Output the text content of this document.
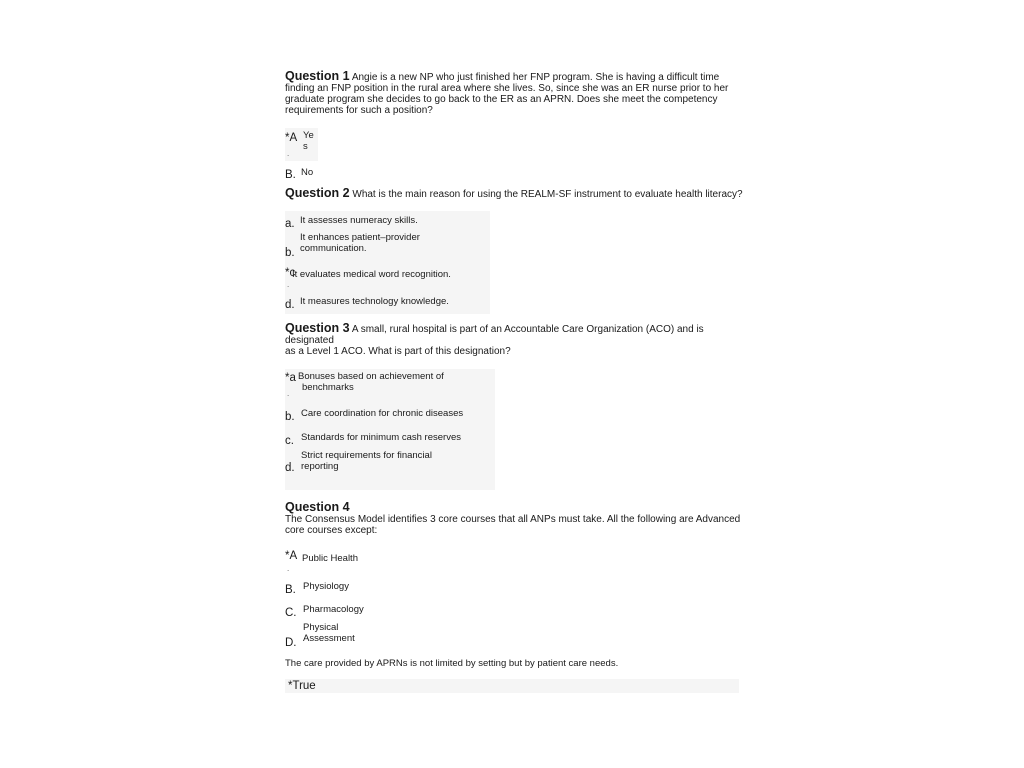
Question 1 Angie is a new NP who just finished her FNP program. She is having a difficult time finding an FNP position in the rural area where she lives. So, since she was an ER nurse prior to her graduate program she decides to go back to the ER as an APRN. Does she meet the competency requirements for such a position?
*A Ye
s
.
B. No
Question 2 What is the main reason for using the REALM-SF instrument to evaluate health literacy?
a. It assesses numeracy skills.
b.
It enhances patient–provider
communication.
*c
It evaluates medical word recognition.
.
d. It measures technology knowledge.
Question 3 A small, rural hospital is part of an Accountable Care Organization (ACO) and is
designated
as a Level 1 ACO. What is part of this designation?
*a Bonuses based on achievement of
benchmarks
.
b. Care coordination for chronic diseases
c. Standards for minimum cash reserves
d.
Strict requirements for financial
reporting
Question 4
The Consensus Model identifies 3 core courses that all ANPs must take. All the following are Advanced core courses except:
*A Public Health
.
B. Physiology
C. Pharmacology
D.
Physical
Assessment
The care provided by APRNs is not limited by setting but by patient care needs.
*True
